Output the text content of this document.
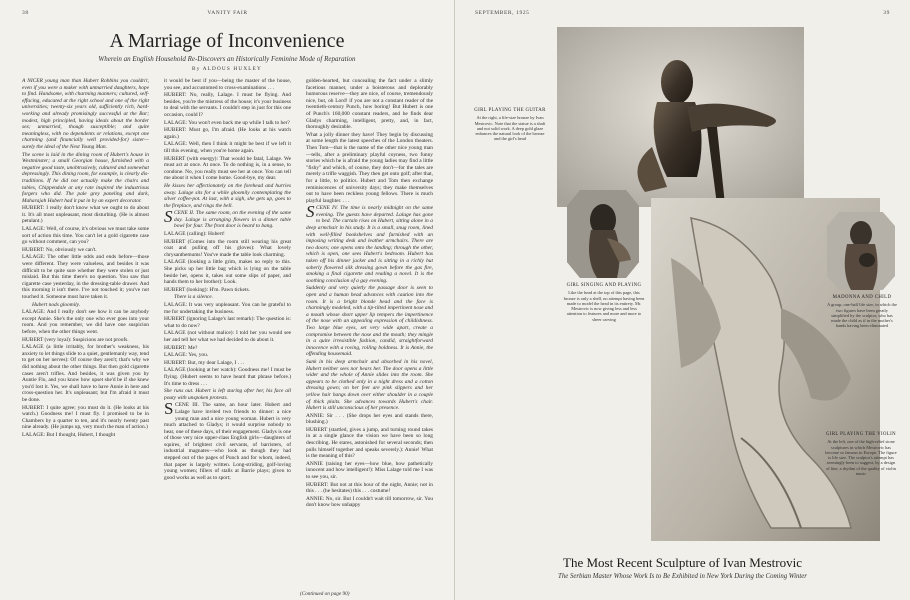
38	VANITY FAIR
A Marriage of Inconvenience
Wherein an English Household Re-Discovers an Historically Feminine Mode of Reparation
By ALDOUS HUXLEY

A NICER young man than Hubert Robbins you couldn't, even if you were a maker with unmarried daughters, hope to find. Handsome, with charming manners; cultured, self-effacing, educated at the right school and one of the right universities; twenty-six years old, sufficiently rich, hard-working and already promisingly successful at the Bar; modest, high principled, having ideals about the border sex; unmarried, though susceptible; and quite meaningless, with no dependents or relations, except one charming (and financially well provided-for) sister—surely the ideal of the Next Young Man.

The scene is laid in the dining room of Hubert's house in Westminster; a small Georgian house, furnished with a negative good taste, unobtrusively, cultured and somewhat depressingly. This dining room, for example, is clearly dis-traditions. If he did not actually make the chairs and tables, Chippendale at any rate inspired the industrious forgers who did. The pale grey paneling and dark, Maharajah Hubert had it put in by an expert decorator.

HUBERT: I really don't know what we ought to do about it. It's all most unpleasant, most disturbing. (He is almost petulant.)

LALAGE: Well, of course, it's obvious we must take some sort of action this time. You can't let a gold cigarette case go without comment, can you?

HUBERT: No, obviously we can't.

LALAGE: The other little odds and ends before—those were different. They were valueless, and besides it was difficult to be quite sure whether they were stolen or just mislaid. But this time there's no question. You saw that cigarette case yesterday, in the dressing-table drawer. And this morning it isn't there. I've not touched it; you've not touched it. Someone must have taken it.

Hubert nods gloomily.

LALAGE: And I really don't see how it can be anybody except Annie. She's the only one who ever goes into your room. And you remember, we did have one suspicion before, when the other things went.

HUBERT (very loyal): Suspicions are not proofs.

LALAGE (a little irritably, for brother's weakness, his anxiety to let things slide to a quiet, gentlemanly way, tend to get on her nerves): Of course they aren't; that's why we did nothing about the other things. But then gold cigarette cases aren't trifles. And besides, it was given you by Auntie Flo, and you know how upset she'd be if she knew you'd lost it. Yes, we shall have to have Annie in here and cross-question her. It's unpleasant; but I'm afraid it must be done.

HUBERT: I quite agree; you must do it. (He looks at his watch.) Goodness me! I must fly. I promised to be in Chambers by a quarter to ten, and it's nearly twenty past nine already. (He jumps up, very much the man of action.)

LALAGE: But I thought, Hubert, I thought

it would be best if you—being the master of the house, you see, and accustomed to cross-examinations . . .

HUBERT: No, really, Lalage. I must be flying. And besides, you're the mistress of the house; it's your business to deal with the servants. I couldn't step in just for this one occasion, could I?

LALAGE: You won't even back me up while I talk to her?

HUBERT: Must go, I'm afraid. (He looks at his watch again.)

LALAGE: Well, then I think it might be best if we left it till this evening, when you're home again.

HUBERT (with energy): That would be fatal, Lalage. We must act at once. At once. To do nothing is, in a sense, to condone. No, you really must see her at once. You can tell me about it when I come home. Good-bye, my dear.

He kisses her affectionately on the forehead and hurries away. Lalage sits for a while gloomily contemplating the silver coffee-pot. At last, with a sigh, she gets up, goes to the fireplace, and rings the bell.

SCENE II. The same room, on the evening of the same day. Lalage is arranging flowers in a dinner table bowl for four. The front door is heard to bang.

LALAGE (calling): Hubert!

HUBERT (Comes into the room still wearing his great coat and pulling off his gloves): What lovely chrysanthemums! You've made the table look charming.

LALAGE (looking a little grim, makes no reply to this. She picks up her little bag which is lying on the table beside her, opens it, takes out some slips of paper, and hands them to her brother): Look.

HUBERT (looking): H'm. Pawn tickets.

There is a silence.

LALAGE: It was very unpleasant. You can be grateful to me for undertaking the business.

HUBERT (ignoring Lalage's last remark): The question is: what to do now?

LALAGE (not without malice): I told her you would see her and tell her what we had decided to do about it.

HUBERT: Me?

LALAGE: Yes, you.

HUBERT: But, my dear Lalage, I . . .

LALAGE (looking at her watch): Goodness me! I must be flying. (Hubert seems to have heard that phrase before.) It's time to dress . . .

She runs out. Hubert is left staring after her, his face all pouty with unspoken protests.

SCENE III. The same, an hour later. Hubert and Lalage have invited two friends to dinner: a nice young man and a nice young woman. Hubert is very much attached to Gladys; it would surprise nobody to hear, one of these days, of their engagement. Gladys is one of those very nice upper-class English girls—daughters of squires, of brightest civil servants, of barristers, of industrial magnates—who look as though they had stepped out of the pages of Punch and for whom, indeed, that paper is largely written. Long-striding, golf-loving young women; fillers of stalls at Barrie plays; given to good works as well as to sport;

golden-hearted, but concealing the fact under a slimly facetious manner, under a boisterous and deplorably humorous reserve—they are nice, of course, tremendously nice, but, oh Lord! if you are not a constant reader of the twentieth-century Punch, how boring! But Hubert is one of Punch's 160,000 constant readers, and he finds dear Gladys charming, intelligent, pretty, and, in fact, thoroughly desirable.

What a jolly dinner they have! They begin by discussing at some length the latest speeches of the London theaters. Then Tom—that is the name of the other nice young man—tells, after a preliminary playful coyness, two funny stories which he is afraid the young ladies may find a little "fishy" and which, of course, they don't—for the tales are merely a trifle waggish. They then get onto golf; after that, for a little, to politics. Hubert and Tom then exchange reminiscences of university days; they make themselves out to have been reckless young fellows. There is much playful laughter. . . .

SCENE IV. The time is nearly midnight on the same evening. The guests have departed. Lalage has gone to bed. The curtain rises on Hubert, sitting alone in a deep armchair in his study. It is a small, snug room, lined with well-filled bookshelves and furnished with an imposing writing desk and leather armchairs. There are two doors; one opens onto the landing; through the other, which is open, one sees Hubert's bedroom. Hubert has taken off his dinner jacket and is sitting in a richly but soberly flowered silk dressing gown before the gas fire, smoking a final cigarette and reading a novel. It is the soothing conclusion of a gay evening.

Suddenly and very quietly the passage door is seen to open and a human head advances with caution into the room. It is a bright blonde head and the face is charmingly modeled, with a tip-tilted impertinent nose and a mouth whose short upper lip tempers the impertinence of the nose with an appealing expression of childishness. Two large blue eyes, set very wide apart, create a compromise between the nose and the mouth; they mingle in a quite irresistible fashion, candid, straightforward innocence with a roving, rolling boldness. It is Annie, the offending housemaid.

Sunk in his deep armchair and absorbed in his novel, Hubert neither sees nor hears her. The door opens a little wider and the whole of Annie slides into the room. She appears to be clothed only in a night dress and a cotton dressing gown; on her feet are pink slippers and her yellow hair hangs down over either shoulder in a couple of thick plaits. She advances towards Hubert's chair. Hubert is still unconscious of her presence.

ANNIE: Sir . . . (She drops her eyes and stands there, blushing.)

HUBERT (startled, gives a jump, and turning round takes in at a single glance the vision we have been so long describing. He stares, astonished for several seconds; then pulls himself together and speaks severely.): Annie! What is the meaning of this?

ANNIE (raising her eyes—how blue, how pathetically innocent and how intelligent!): Miss Lalage told me I was to see you, sir.

HUBERT: But not at this hour of the night, Annie; not in this . . . (he hesitates) this . . . costume!

ANNIE: No, sir. But I couldn't wait till tomorrow, sir. You don't know how unhappy

(Continued on page 90)
SEPTEMBER, 1925	39
GIRL PLAYING THE GUITAR
At the right, a life-size bronze by Ivan Mestrovic. Note that the statue is a shaft and not solid work. A deep gold glaze enhances the natural look of the bronze and the girl's head
GIRL SINGING AND PLAYING
Like the head at the top of this page, this bronze is only a shell, no attempt having been made to model the head in its entirety. Mr. Mestrovic is now giving less and less attention to features and more and more to sheer carving
MADONNA AND CHILD
A group, one-half life size, in which the two figures have been greatly simplified by the sculptor, who has made the child as if in the mother's hands having been eliminated
GIRL PLAYING THE VIOLIN
At the left, one of the high-relief stone sculptures in which Mestrovic has become so famous in Europe. The figure is life size. The sculptor's attempt has seemingly been to suggest, by a design of line, a rhythm of the quality of violin music
The Most Recent Sculpture of Ivan Mestrovic
The Serbian Master Whose Work Is to Be Exhibited in New York During the Coming Winter
